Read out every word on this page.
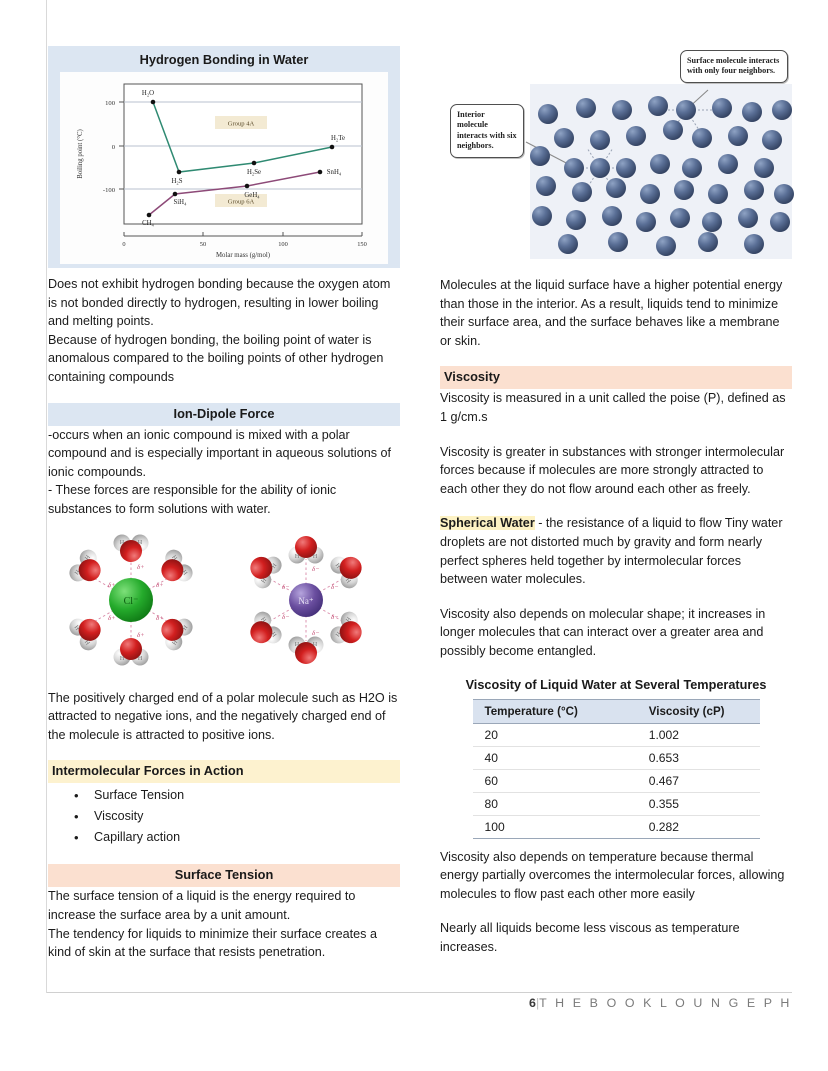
Hydrogen Bonding in Water
100
0
-100
Boiling point (°C)
0	50	100	150
Molar mass (g/mol)
Group 4A
Group 6A
H₂O
H₂S
H₂Se
H₂Te
CH₄
SiH₄
GeH₄
SnH₄

Does not exhibit hydrogen bonding because the oxygen atom is not bonded directly to hydrogen, resulting in lower boiling and melting points.

Because of hydrogen bonding, the boiling point of water is anomalous compared to the boiling points of other hydrogen containing compounds

Ion-Dipole Force

-occurs when an ionic compound is mixed with a polar compound and is especially important in aqueous solutions of ionic compounds.

- These forces are responsible for the ability of ionic substances to form solutions with water.

H	H
Cl⁻
δ+
δ+	δ+
δ+	δ+
δ+
Na⁺
δ−
δ−	δ−
δ−	δ−
δ−

The positively charged end of a polar molecule such as H2O is attracted to negative ions, and the negatively charged end of the molecule is attracted to positive ions.

Intermolecular Forces in Action
• Surface Tension
• Viscosity
• Capillary action
Surface Tension

The surface tension of a liquid is the energy required to increase the surface area by a unit amount.

The tendency for liquids to minimize their surface creates a kind of skin at the surface that resists penetration.

Interior molecule interacts with six neighbors.
Surface molecule interacts with only four neighbors.

Molecules at the liquid surface have a higher potential energy than those in the interior. As a result, liquids tend to minimize their surface area, and the surface behaves like a membrane or skin.

Viscosity

Viscosity is measured in a unit called the poise (P), defined as 1 g/cm.s

Viscosity is greater in substances with stronger intermolecular forces because if molecules are more strongly attracted to each other they do not flow around each other as freely.

Spherical Water - the resistance of a liquid to flow Tiny water droplets are not distorted much by gravity and form nearly perfect spheres held together by intermolecular forces between water molecules.

Viscosity also depends on molecular shape; it increases in longer molecules that can interact over a greater area and possibly become entangled.

Viscosity of Liquid Water at Several Temperatures
Temperature (°C)	Viscosity (cP)
20	1.002
40	0.653
60	0.467
80	0.355
100	0.282

Viscosity also depends on temperature because thermal energy partially overcomes the intermolecular forces, allowing molecules to flow past each other more easily

Nearly all liquids become less viscous as temperature increases.

6|T H E B O O K L O U N G E P H
